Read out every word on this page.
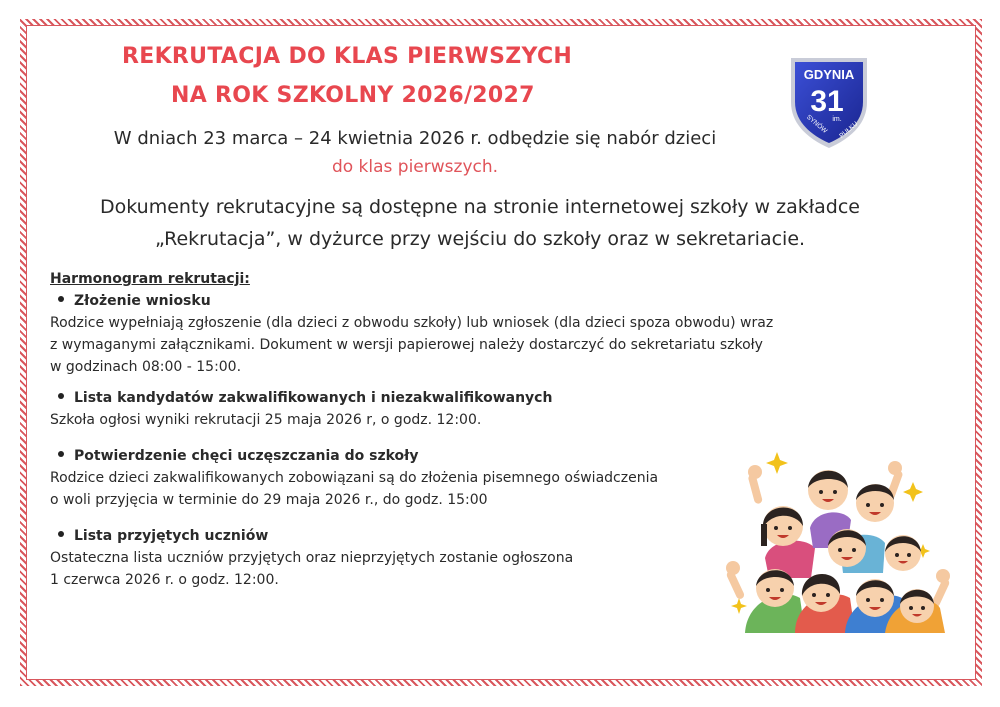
REKRUTACJA DO KLAS PIERWSZYCH
NA ROK SZKOLNY 2026/2027
W dniach 23 marca – 24 kwietnia 2026 r. odbędzie się nabór dzieci
do klas pierwszych.
Dokumenty rekrutacyjne są dostępne na stronie internetowej szkoły w zakładce
„Rekrutacja”, w dyżurce przy wejściu do szkoły oraz w sekretariacie.
Harmonogram rekrutacji:
Złożenie wniosku
Rodzice wypełniają zgłoszenie (dla dzieci z obwodu szkoły) lub wniosek (dla dzieci spoza obwodu) wraz
z wymaganymi załącznikami. Dokument w wersji papierowej należy dostarczyć do sekretariatu szkoły
w godzinach 08:00 - 15:00.
Lista kandydatów zakwalifikowanych i niezakwalifikowanych
Szkoła ogłosi wyniki rekrutacji 25 maja 2026 r, o godz. 12:00.
Potwierdzenie chęci uczęszczania do szkoły
Rodzice dzieci zakwalifikowanych zobowiązani są do złożenia pisemnego oświadczenia
o woli przyjęcia w terminie do 29 maja 2026 r., do godz. 15:00
Lista przyjętych uczniów
Ostateczna lista uczniów przyjętych oraz nieprzyjętych zostanie ogłoszona
1 czerwca 2026 r. o godz. 12:00.
GDYNIA
31
im.
SYNÓW PUŁKU
